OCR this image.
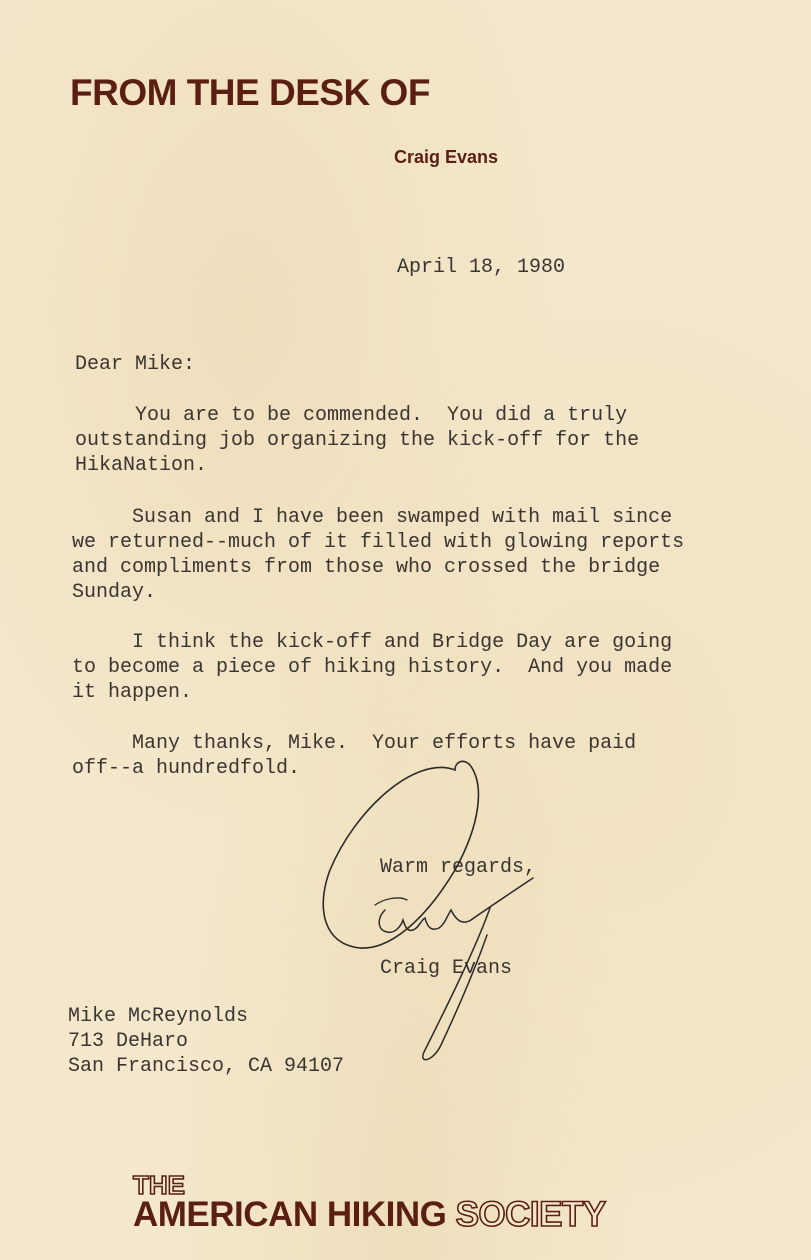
FROM THE DESK OF
Craig Evans
April 18, 1980
Dear Mike:
You are to be commended.  You did a truly
outstanding job organizing the kick-off for the
HikaNation.
Susan and I have been swamped with mail since
we returned--much of it filled with glowing reports
and compliments from those who crossed the bridge
Sunday.
I think the kick-off and Bridge Day are going
to become a piece of hiking history.  And you made
it happen.
Many thanks, Mike.  Your efforts have paid
off--a hundredfold.
Warm regards,
Craig Evans
Mike McReynolds
713 DeHaro
San Francisco, CA 94107
THE
AMERICAN HIKING SOCIETY
